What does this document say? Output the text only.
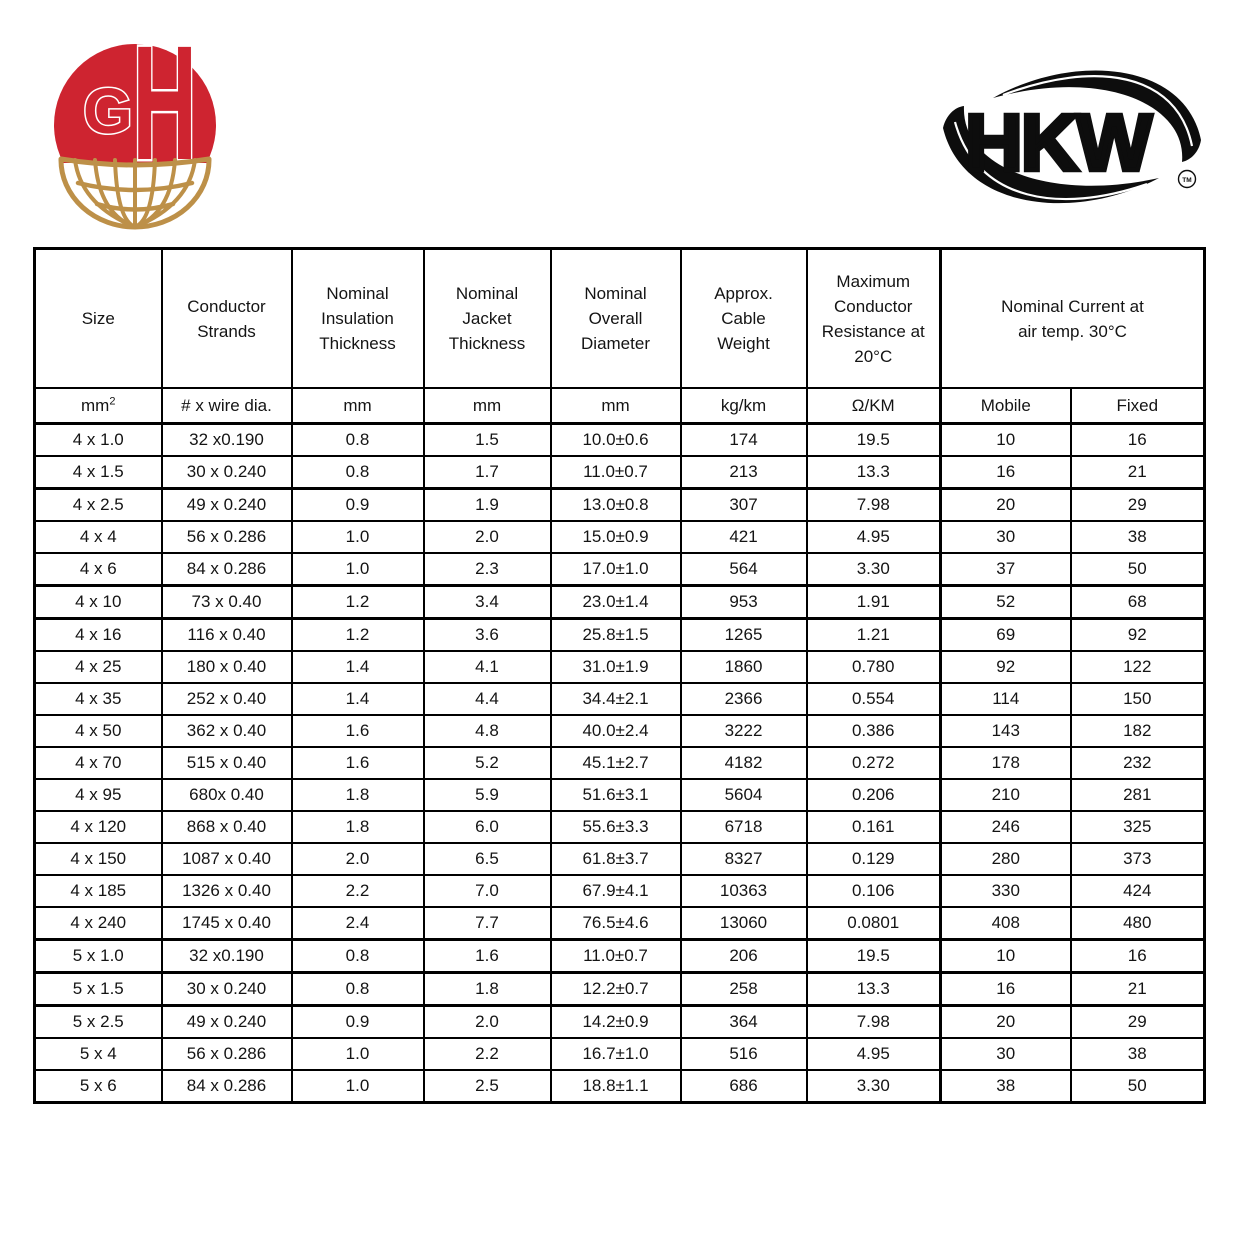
G H	HKW	TM
Size	Conductor Strands	Nominal Insulation Thickness	Nominal Jacket Thickness	Nominal Overall Diameter	Approx. Cable Weight	Maximum Conductor Resistance at 20°C	Nominal Current at air temp. 30°C	
$mm^2$	# x wire dia.	mm	mm	mm	kg/km	Ω/KM	Mobile	Fixed
4 x 1.0	32 x0.190	0.8	1.5	10.0±0.6	174	19.5	10	16
4 x 1.5	30 x 0.240	0.8	1.7	11.0±0.7	213	13.3	16	21
4 x 2.5	49 x 0.240	0.9	1.9	13.0±0.8	307	7.98	20	29
4 x 4	56 x 0.286	1.0	2.0	15.0±0.9	421	4.95	30	38
4 x 6	84 x 0.286	1.0	2.3	17.0±1.0	564	3.30	37	50
4 x 10	73 x 0.40	1.2	3.4	23.0±1.4	953	1.91	52	68
4 x 16	116 x 0.40	1.2	3.6	25.8±1.5	1265	1.21	69	92
4 x 25	180 x 0.40	1.4	4.1	31.0±1.9	1860	0.780	92	122
4 x 35	252 x 0.40	1.4	4.4	34.4±2.1	2366	0.554	114	150
4 x 50	362 x 0.40	1.6	4.8	40.0±2.4	3222	0.386	143	182
4 x 70	515 x 0.40	1.6	5.2	45.1±2.7	4182	0.272	178	232
4 x 95	680x 0.40	1.8	5.9	51.6±3.1	5604	0.206	210	281
4 x 120	868 x 0.40	1.8	6.0	55.6±3.3	6718	0.161	246	325
4 x 150	1087 x 0.40	2.0	6.5	61.8±3.7	8327	0.129	280	373
4 x 185	1326 x 0.40	2.2	7.0	67.9±4.1	10363	0.106	330	424
4 x 240	1745 x 0.40	2.4	7.7	76.5±4.6	13060	0.0801	408	480
5 x 1.0	32 x0.190	0.8	1.6	11.0±0.7	206	19.5	10	16
5 x 1.5	30 x 0.240	0.8	1.8	12.2±0.7	258	13.3	16	21
5 x 2.5	49 x 0.240	0.9	2.0	14.2±0.9	364	7.98	20	29
5 x 4	56 x 0.286	1.0	2.2	16.7±1.0	516	4.95	30	38
5 x 6	84 x 0.286	1.0	2.5	18.8±1.1	686	3.30	38	50
